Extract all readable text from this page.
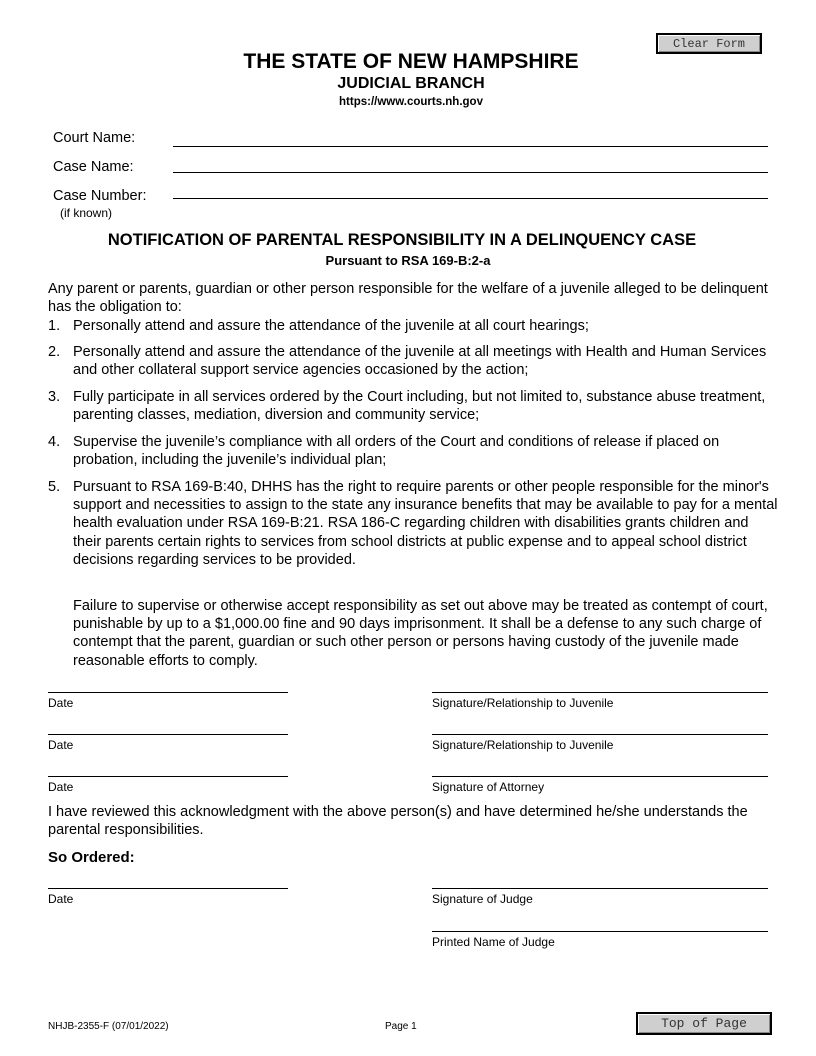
Clear Form
THE STATE OF NEW HAMPSHIRE
JUDICIAL BRANCH
https://www.courts.nh.gov
Court Name:
Case Name:
Case Number:
(if known)
NOTIFICATION OF PARENTAL RESPONSIBILITY IN A DELINQUENCY CASE
Pursuant to RSA 169-B:2-a
Any parent or parents, guardian or other person responsible for the welfare of a juvenile alleged to be delinquent has the obligation to:
1. Personally attend and assure the attendance of the juvenile at all court hearings;
2. Personally attend and assure the attendance of the juvenile at all meetings with Health and Human Services and other collateral support service agencies occasioned by the action;
3. Fully participate in all services ordered by the Court including, but not limited to, substance abuse treatment, parenting classes, mediation, diversion and community service;
4. Supervise the juvenile’s compliance with all orders of the Court and conditions of release if placed on probation, including the juvenile’s individual plan;
5. Pursuant to RSA 169-B:40, DHHS has the right to require parents or other people responsible for the minor's support and necessities to assign to the state any insurance benefits that may be available to pay for a mental health evaluation under RSA 169-B:21. RSA 186-C regarding children with disabilities grants children and their parents certain rights to services from school districts at public expense and to appeal school district decisions regarding services to be provided.
Failure to supervise or otherwise accept responsibility as set out above may be treated as contempt of court, punishable by up to a $1,000.00 fine and 90 days imprisonment. It shall be a defense to any such charge of contempt that the parent, guardian or such other person or persons having custody of the juvenile made reasonable efforts to comply.
Date	Signature/Relationship to Juvenile
Date	Signature/Relationship to Juvenile
Date	Signature of Attorney
I have reviewed this acknowledgment with the above person(s) and have determined he/she understands the parental responsibilities.
So Ordered:
Date	Signature of Judge
Printed Name of Judge
NHJB-2355-F (07/01/2022)	Page 1	Top of Page
